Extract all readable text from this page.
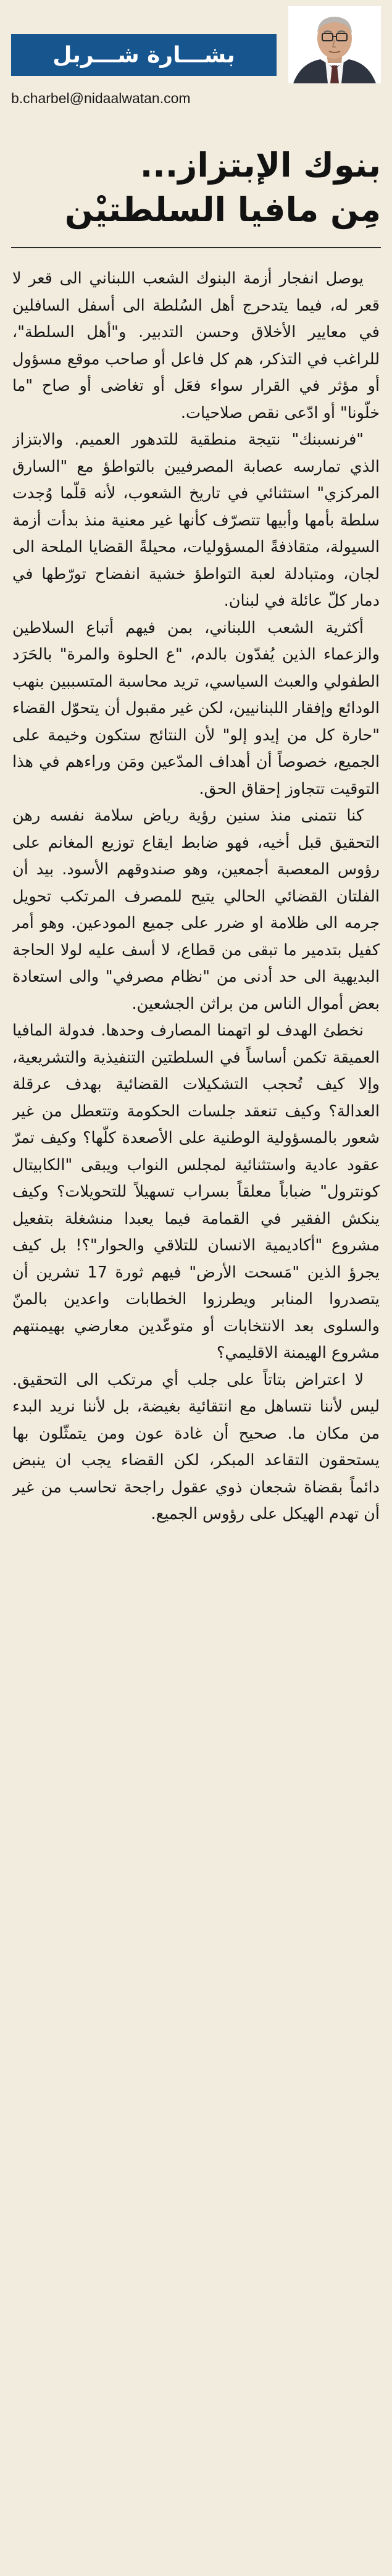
بشـــارة شـــربل
b.charbel@nidaalwatan.com
بنوك الإبتزاز...
مِن مافيا السلطتيْن

يوصل انفجار أزمة البنوك الشعب اللبناني الى قعر لا قعر له، فيما يتدحرج أهل السُلطة الى أسفل السافلين في معايير الأخلاق وحسن التدبير. و"أهل السلطة"، للراغب في التذكر، هم كل فاعل أو صاحب موقع مسؤول أو مؤثر في القرار سواء فعَل أو تغاضى أو صاح "ما خلّونا" أو ادّعى نقص صلاحيات.

"فرنسبنك" نتيجة منطقية للتدهور العميم. والابتزاز الذي تمارسه عصابة المصرفيين بالتواطؤ مع "السارق المركزي" استثنائي في تاريخ الشعوب، لأنه قلّما وُجدت سلطة بأمها وأبيها تتصرّف كأنها غير معنية منذ بدأت أزمة السيولة، متقاذفةً المسؤوليات، محيلةً القضايا الملحة الى لجان، ومتبادلة لعبة التواطؤ خشية انفضاح تورّطها في دمار كلّ عائلة في لبنان.

أكثرية الشعب اللبناني، بمن فيهم أتباع السلاطين والزعماء الذين يُفدّون بالدم، "ع الحلوة والمرة" بالحَرَد الطفولي والعبث السياسي، تريد محاسبة المتسببين بنهب الودائع وإفقار اللبنانيين، لكن غير مقبول أن يتحوّل القضاء "حارة كل من إيدو إلو" لأن النتائج ستكون وخيمة على الجميع، خصوصاً أن أهداف المدّعين ومَن وراءهم في هذا التوقيت تتجاوز إحقاق الحق.

كنا نتمنى منذ سنين رؤية رياض سلامة نفسه رهن التحقيق قبل أخيه، فهو ضابط ايقاع توزيع المغانم على رؤوس المعصبة أجمعين، وهو صندوقهم الأسود. بيد أن الفلتان القضائي الحالي يتيح للمصرف المرتكب تحويل جرمه الى ظلامة او ضرر على جميع المودعين. وهو أمر كفيل بتدمير ما تبقى من قطاع، لا أسف عليه لولا الحاجة البديهية الى حد أدنى من "نظام مصرفي" والى استعادة بعض أموال الناس من براثن الجشعين.

نخطئ الهدف لو اتهمنا المصارف وحدها. فدولة المافيا العميقة تكمن أساساً في السلطتين التنفيذية والتشريعية، وإلا كيف تُحجب التشكيلات القضائية بهدف عرقلة العدالة؟ وكيف تنعقد جلسات الحكومة وتتعطل من غير شعور بالمسؤولية الوطنية على الأصعدة كلّها؟ وكيف تمرّ عقود عادية واستثنائية لمجلس النواب ويبقى "الكابيتال كونترول" ضباباً معلقاً بسراب تسهيلاً للتحويلات؟ وكيف ينكش الفقير في القمامة فيما يعبدا منشغلة بتفعيل مشروع "أكاديمية الانسان للتلاقي والحوار"؟! بل كيف يجرؤ الذين "مَسحت الأرض" فيهم ثورة 17 تشرين أن يتصدروا المنابر ويطرزوا الخطابات واعدين بالمنّ والسلوى بعد الانتخابات أو متوعّدين معارضي بهيمنتهم مشروع الهيمنة الاقليمي؟

لا اعتراض بتاتاً على جلب أي مرتكب الى التحقيق. ليس لأننا نتساهل مع انتقائية بغيضة، بل لأننا نريد البدء من مكان ما. صحيح أن غادة عون ومن يتمثّلون بها يستحقون التقاعد المبكر، لكن القضاء يجب ان ينبض دائماً بقضاة شجعان ذوي عقول راجحة تحاسب من غير أن تهدم الهيكل على رؤوس الجميع.
